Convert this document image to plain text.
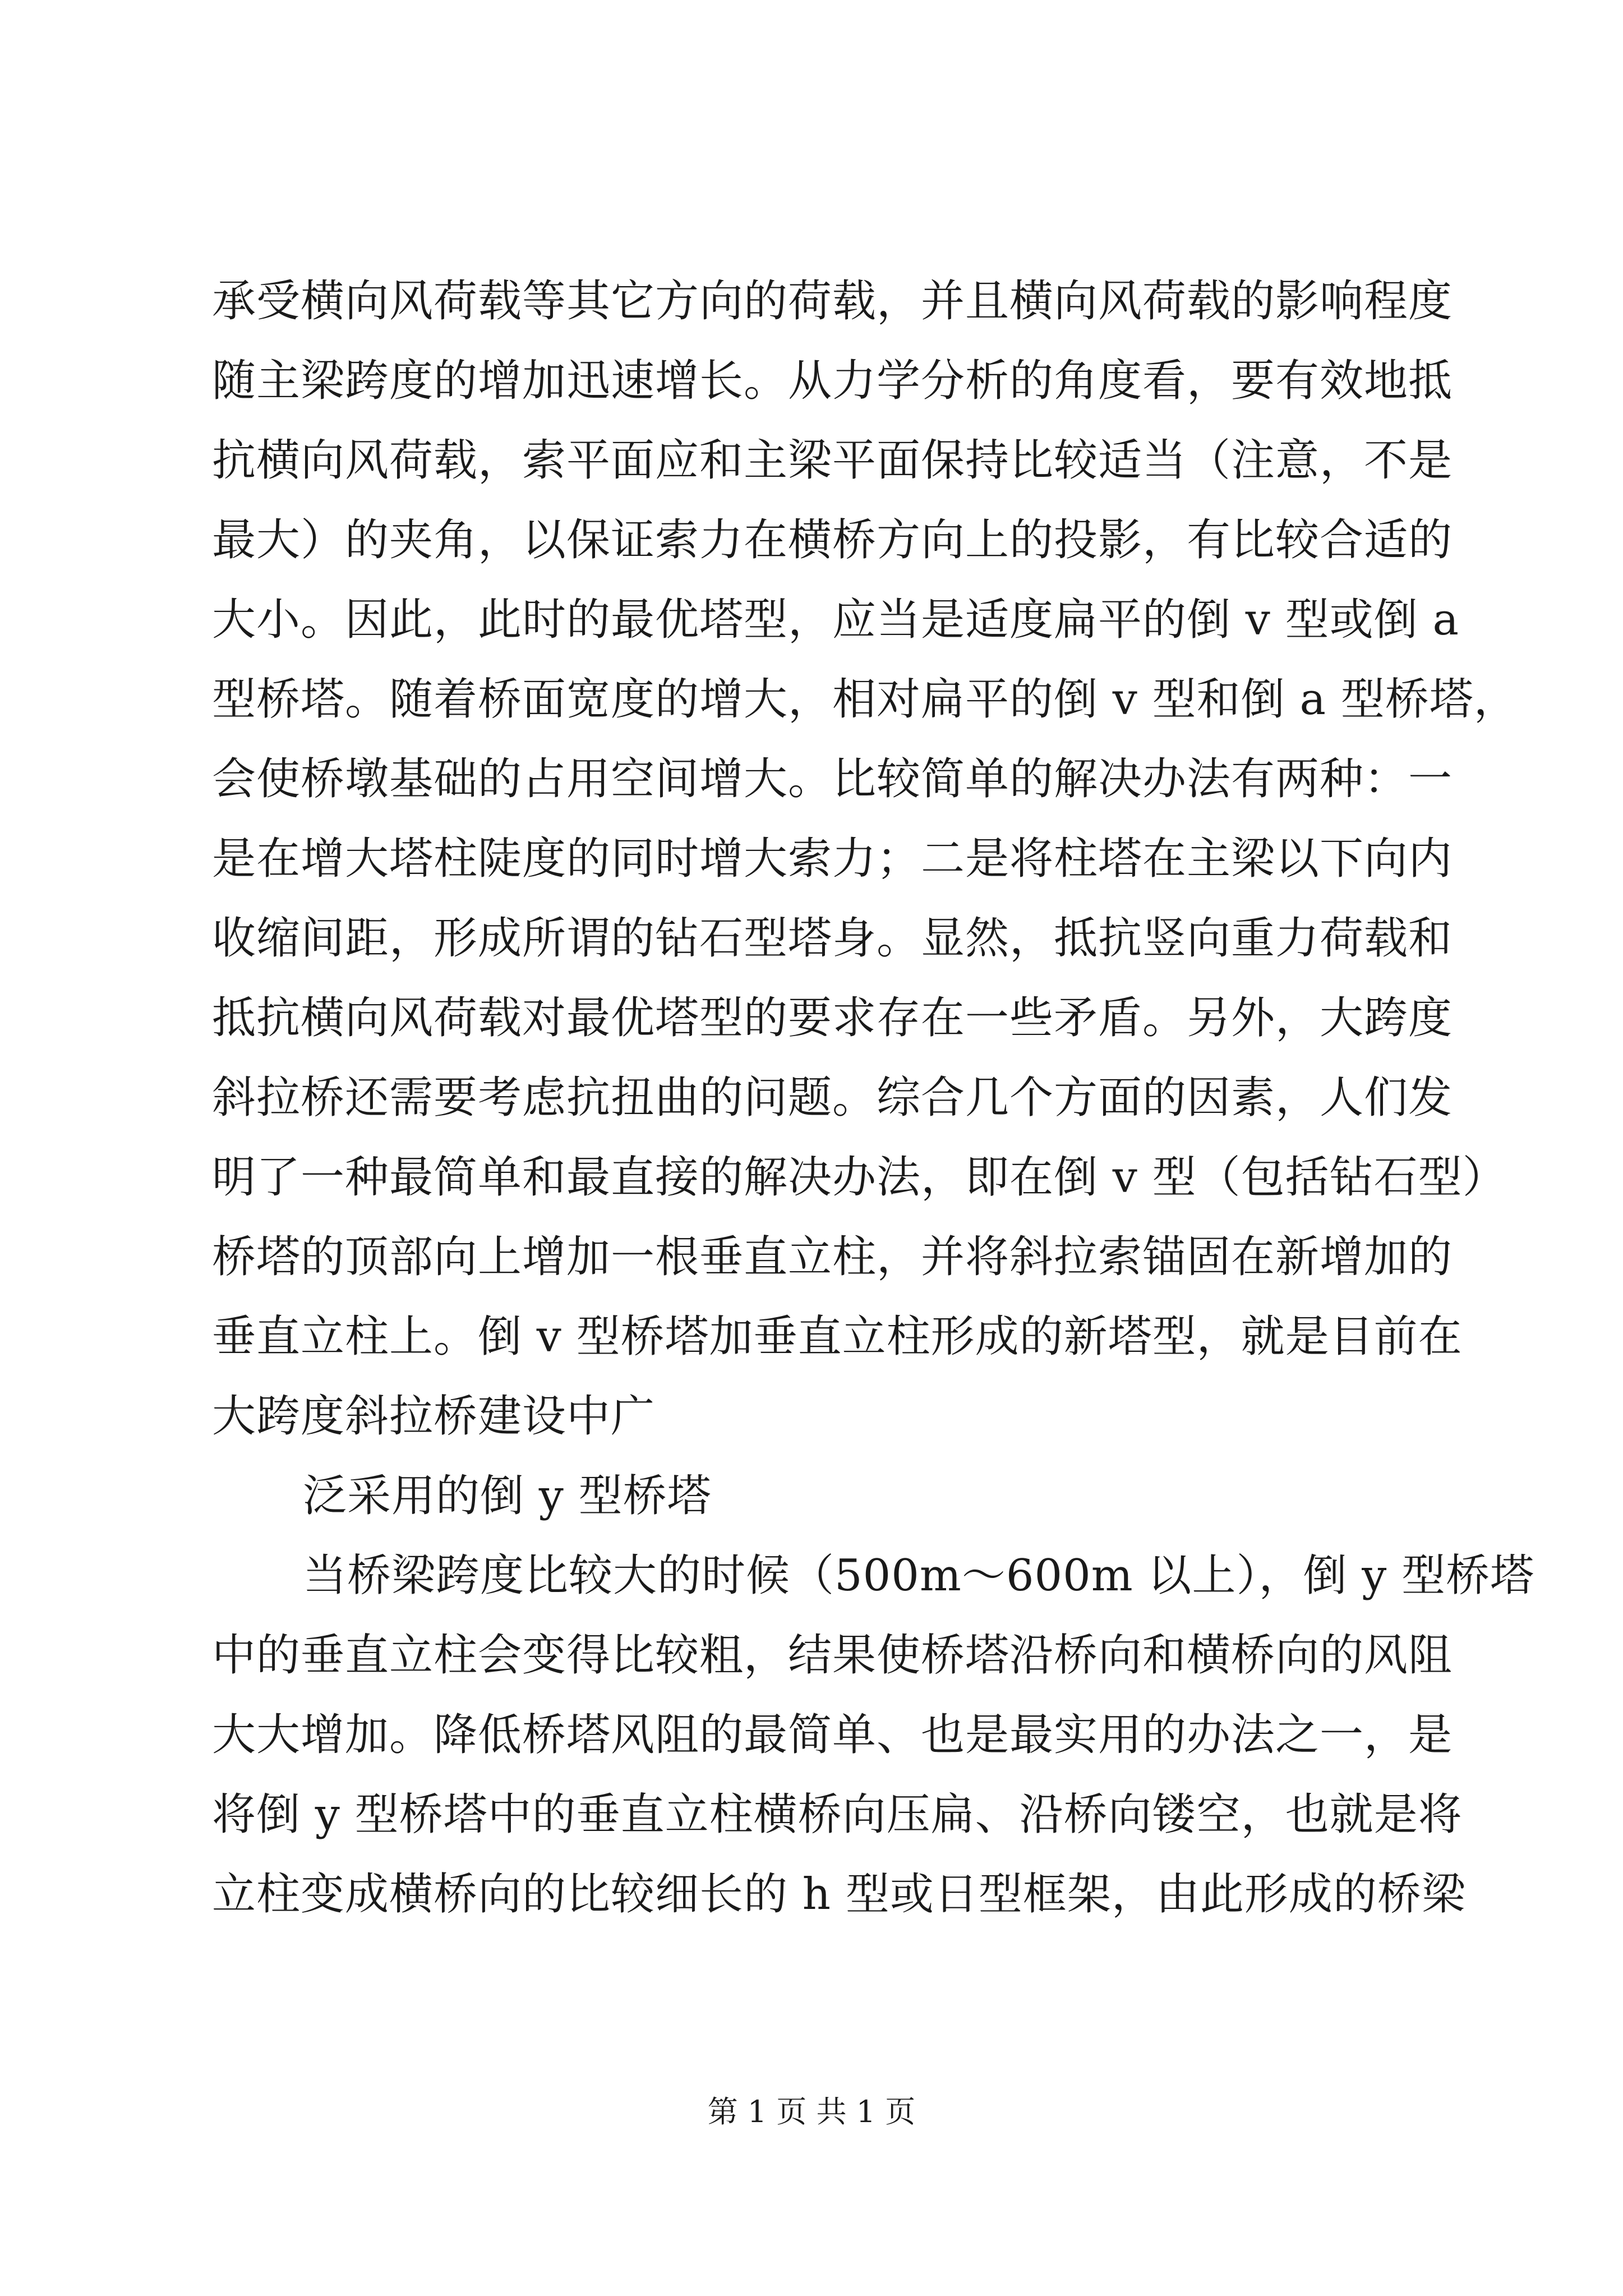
承受横向风荷载等其它方向的荷载，并且横向风荷载的影响程度
随主梁跨度的增加迅速增长。从力学分析的角度看，要有效地抵
抗横向风荷载，索平面应和主梁平面保持比较适当（注意，不是
最大）的夹角，以保证索力在横桥方向上的投影，有比较合适的
大小。因此，此时的最优塔型，应当是适度扁平的倒 v 型或倒 a
型桥塔。随着桥面宽度的增大，相对扁平的倒 v 型和倒 a 型桥塔，
会使桥墩基础的占用空间增大。比较简单的解决办法有两种：一
是在增大塔柱陡度的同时增大索力；二是将柱塔在主梁以下向内
收缩间距，形成所谓的钻石型塔身。显然，抵抗竖向重力荷载和
抵抗横向风荷载对最优塔型的要求存在一些矛盾。另外，大跨度
斜拉桥还需要考虑抗扭曲的问题。综合几个方面的因素，人们发
明了一种最简单和最直接的解决办法，即在倒 v 型（包括钻石型）
桥塔的顶部向上增加一根垂直立柱，并将斜拉索锚固在新增加的
垂直立柱上。倒 v 型桥塔加垂直立柱形成的新塔型，就是目前在
大跨度斜拉桥建设中广
泛采用的倒 y 型桥塔
当桥梁跨度比较大的时候（500m～600m 以上），倒 y 型桥塔
中的垂直立柱会变得比较粗，结果使桥塔沿桥向和横桥向的风阻
大大增加。降低桥塔风阻的最简单、也是最实用的办法之一，是
将倒 y 型桥塔中的垂直立柱横桥向压扁、沿桥向镂空，也就是将
立柱变成横桥向的比较细长的 h 型或日型框架，由此形成的桥梁
第 1 页 共 1 页
